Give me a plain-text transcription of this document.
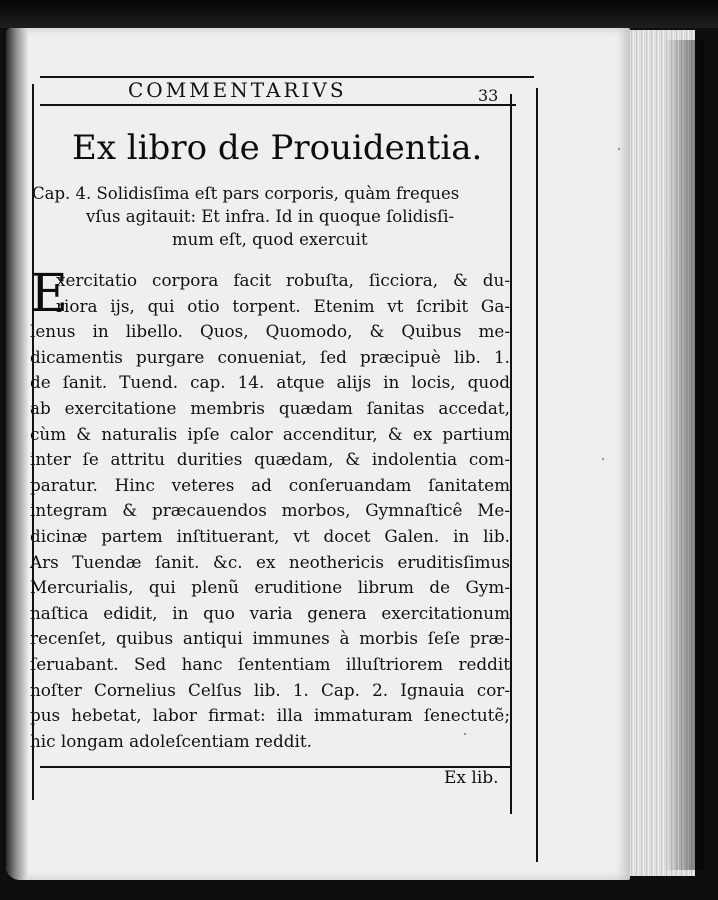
COMMENTARIVS	33
Ex libro de Prouidentia.
Cap. 4. Solidisſima eſt pars corporis, quàm freques
vſus agitauit: Et infra. Id in quoque ſolidisſi-
mum eſt, quod exercuit
E
xercitatio corpora facit robuſta, ſicciora, & du-
riora ijs, qui otio torpent. Etenim vt ſcribit Ga-
lenus in libello. Quos, Quomodo, & Quibus me-
dicamentis purgare conueniat, ſed præcipuè lib. 1.
de ſanit. Tuend. cap. 14. atque alijs in locis, quod
ab exercitatione membris quædam ſanitas accedat,
cùm & naturalis ipſe calor accenditur, & ex partium
inter ſe attritu durities quædam, & indolentia com-
paratur. Hinc veteres ad conſeruandam ſanitatem
integram & præcauendos morbos, Gymnaſticê Me-
dicinæ partem inſtituerant, vt docet Galen. in lib.
Ars Tuendæ ſanit. &c. ex neothericis eruditisſimus
Mercurialis, qui plenũ eruditione librum de Gym-
naſtica edidit, in quo varia genera exercitationum
recenſet, quibus antiqui immunes à morbis ſeſe præ-
ſeruabant. Sed hanc ſententiam illuſtriorem reddit
noſter Cornelius Celſus lib. 1. Cap. 2. Ignauia cor-
pus hebetat, labor firmat: illa immaturam ſenectutẽ;
hic longam adoleſcentiam reddit.
Ex lib.
